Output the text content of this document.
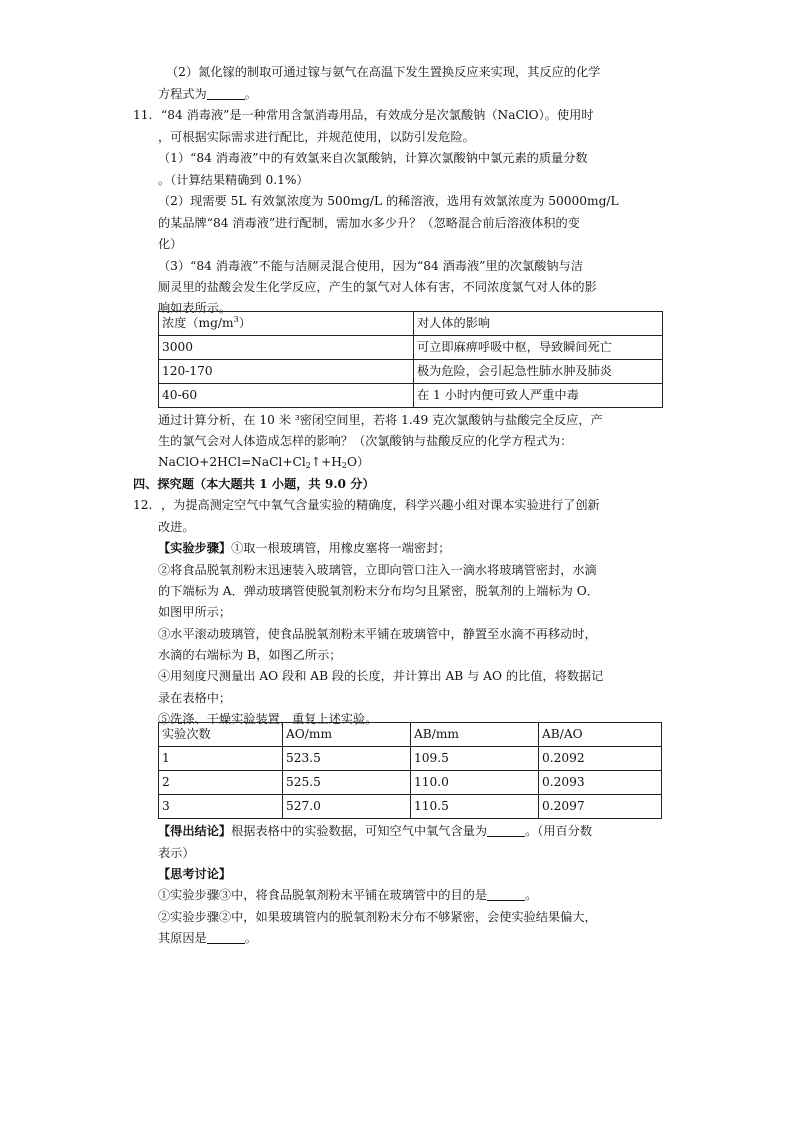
（2）氮化镓的制取可通过镓与氨气在高温下发生置换反应来实现，其反应的化学
方程式为	。
11. “84 消毒液”是一种常用含氯消毒用品，有效成分是次氯酸钠（NaClO）。使用时
，可根据实际需求进行配比，并规范使用，以防引发危险。
（1）“84 消毒液”中的有效氯来自次氯酸钠，计算次氯酸钠中氯元素的质量分数
。（计算结果精确到 0.1%）
（2）现需要 5L 有效氯浓度为 500mg/L 的稀溶液，选用有效氯浓度为 50000mg/L
的某品牌“84 消毒液”进行配制，需加水多少升？（忽略混合前后溶液体积的变
化）
（3）“84 消毒液”不能与洁厕灵混合使用，因为“84 酒毒液”里的次氯酸钠与洁
厕灵里的盐酸会发生化学反应，产生的氯气对人体有害，不同浓度氯气对人体的影
响如表所示。
浓度$(mg/m^3)$	对人体的影响
3000	可立即麻痹呼吸中枢，导致瞬间死亡
120-170	极为危险，会引起急性肺水肿及肺炎
40-60	在 1 小时内便可致人严重中毒
通过计算分析，在 10 米 ³密闭空间里，若将 1.49 克次氯酸钠与盐酸完全反应，产
生的氯气会对人体造成怎样的影响？（次氯酸钠与盐酸反应的化学方程式为：
$NaClO+2HCl=NaCl+Cl_2↑+H_2O$）
四、探究题（本大题共 1 小题，共 9.0 分）
12. ，为提高测定空气中氧气含量实验的精确度，科学兴趣小组对课本实验进行了创新
改进。
【实验步骤】①取一根玻璃管，用橡皮塞将一端密封；
②将食品脱氧剂粉末迅速装入玻璃管，立即向管口注入一滴水将玻璃管密封，水滴
的下端标为 A．弹动玻璃管使脱氧剂粉末分布均匀且紧密，脱氧剂的上端标为 O．
如图甲所示；
③水平滚动玻璃管，使食品脱氧剂粉末平铺在玻璃管中，静置至水滴不再移动时，
水滴的右端标为 B，如图乙所示；
④用刻度尺测量出 AO 段和 AB 段的长度，并计算出 AB 与 AO 的比值，将数据记
录在表格中；
⑤洗涤、干燥实验装置，重复上述实验。
实验次数	AO/mm	AB/mm	AB/AO
1	523.5	109.5	0.2092
2	525.5	110.0	0.2093
3	527.0	110.5	0.2097
【得出结论】根据表格中的实验数据，可知空气中氧气含量为	。（用百分数
表示）
【思考讨论】
①实验步骤③中，将食品脱氧剂粉末平铺在玻璃管中的目的是	。
②实验步骤②中，如果玻璃管内的脱氧剂粉末分布不够紧密，会使实验结果偏大，
其原因是	。
